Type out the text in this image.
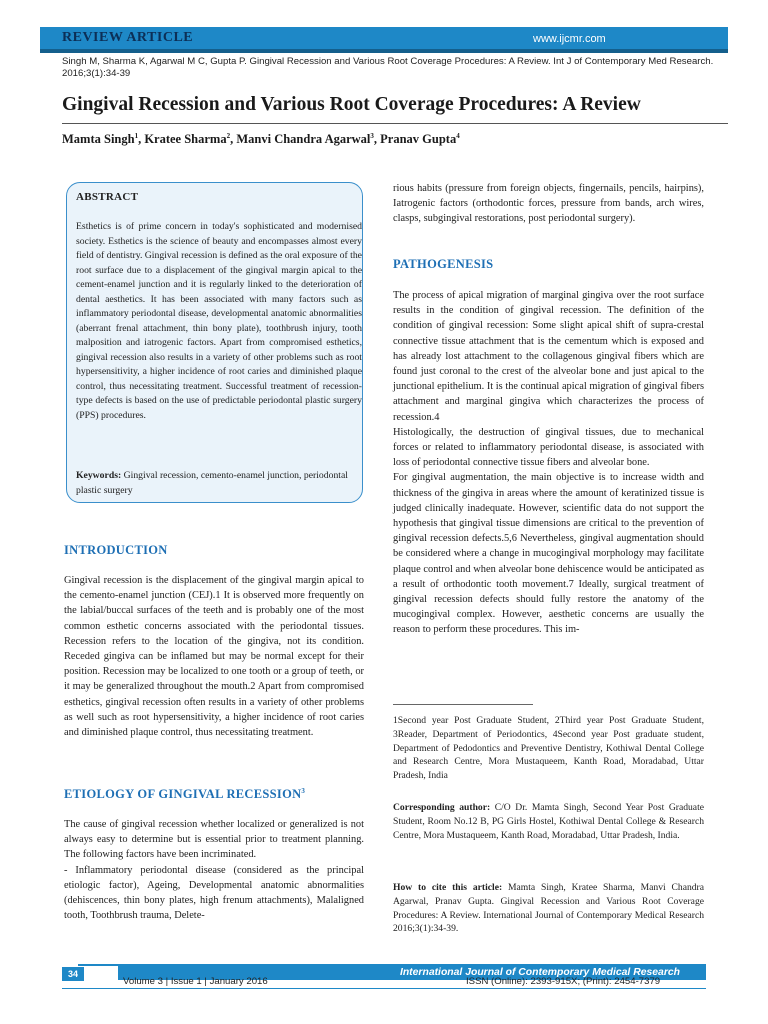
REVIEW ARTICLE	www.ijcmr.com
Singh M, Sharma K, Agarwal M C, Gupta P. Gingival Recession and Various Root Coverage Procedures: A Review. Int J of Contemporary Med Research. 2016;3(1):34-39
Gingival Recession and Various Root Coverage Procedures: A Review
Mamta Singh$^1$, Kratee Sharma$^2$, Manvi Chandra Agarwal$^3$, Pranav Gupta$^4$
ABSTRACT
Esthetics is of prime concern in today's sophisticated and modernised society. Esthetics is the science of beauty and encompasses almost every field of dentistry. Gingival recession is defined as the oral exposure of the root surface due to a displacement of the gingival margin apical to the cement-enamel junction and it is regularly linked to the deterioration of dental aesthetics. It has been associated with many factors such as inflammatory periodontal disease, developmental anatomic abnormalities (aberrant frenal attachment, thin bony plate), toothbrush injury, tooth malposition and iatrogenic factors. Apart from compromised esthetics, gingival recession also results in a variety of other problems such as root hypersensitivity, a higher incidence of root caries and diminished plaque control, thus necessitating treatment. Successful treatment of recession-type defects is based on the use of predictable periodontal plastic surgery (PPS) procedures.
Keywords: Gingival recession, cemento-enamel junction, periodontal plastic surgery
INTRODUCTION
Gingival recession is the displacement of the gingival margin apical to the cemento-enamel junction (CEJ).1 It is observed more frequently on the labial/buccal surfaces of the teeth and is probably one of the most common esthetic concerns associated with the periodontal tissues. Recession refers to the location of the gingiva, not its condition. Receded gingiva can be inflamed but may be normal except for their position. Recession may be localized to one tooth or a group of teeth, or it may be generalized throughout the mouth.2 Apart from compromised esthetics, gingival recession often results in a variety of other problems as well such as root hypersensitivity, a higher incidence of root caries and diminished plaque control, thus necessitating treatment.
ETIOLOGY OF GINGIVAL RECESSION$^3$
The cause of gingival recession whether localized or generalized is not always easy to determine but is essential prior to treatment planning. The following factors have been incriminated.
- Inflammatory periodontal disease (considered as the principal etiologic factor), Ageing, Developmental anatomic abnormalities (dehiscences, thin bony plates, high frenum attachments), Malaligned tooth, Toothbrush trauma, Delete-
rious habits (pressure from foreign objects, fingernails, pencils, hairpins), Iatrogenic factors (orthodontic forces, pressure from bands, arch wires, clasps, subgingival restorations, post periodontal surgery).
PATHOGENESIS
The process of apical migration of marginal gingiva over the root surface results in the condition of gingival recession. The definition of the condition of gingival recession: Some slight apical shift of supra-crestal connective tissue attachment that is the cementum which is exposed and has already lost attachment to the collagenous gingival fibers which are found just coronal to the crest of the alveolar bone and just apical to the junctional epithelium. It is the continual apical migration of gingival fibers attachment and marginal gingiva which characterizes the process of recession.4
Histologically, the destruction of gingival tissues, due to mechanical forces or related to inflammatory periodontal disease, is associated with loss of periodontal connective tissue fibers and alveolar bone.
For gingival augmentation, the main objective is to increase width and thickness of the gingiva in areas where the amount of keratinized tissue is judged clinically inadequate. However, scientific data do not support the hypothesis that gingival tissue dimensions are critical to the prevention of gingival recession defects.5,6 Nevertheless, gingival augmentation should be considered where a change in mucogingival morphology may facilitate plaque control and when alveolar bone dehiscence would be anticipated as a result of orthodontic tooth movement.7 Ideally, surgical treatment of gingival recession defects should fully restore the anatomy of the mucogingival complex. However, aesthetic concerns are usually the reason to perform these procedures. This im-
1Second year Post Graduate Student, 2Third year Post Graduate Student, 3Reader, Department of Periodontics, 4Second year Post graduate student, Department of Pedodontics and Preventive Dentistry, Kothiwal Dental College and Research Centre, Mora Mustaqueem, Kanth Road, Moradabad, Uttar Pradesh, India
Corresponding author: C/O Dr. Mamta Singh, Second Year Post Graduate Student, Room No.12 B, PG Girls Hostel, Kothiwal Dental College & Research Centre, Mora Mustaqueem, Kanth Road, Moradabad, Uttar Pradesh, India.
How to cite this article: Mamta Singh, Kratee Sharma, Manvi Chandra Agarwal, Pranav Gupta. Gingival Recession and Various Root Coverage Procedures: A Review. International Journal of Contemporary Medical Research 2016;3(1):34-39.
International Journal of Contemporary Medical Research
34
Volume 3 | Issue 1 | January 2016	ISSN (Online): 2393-915X; (Print): 2454-7379
